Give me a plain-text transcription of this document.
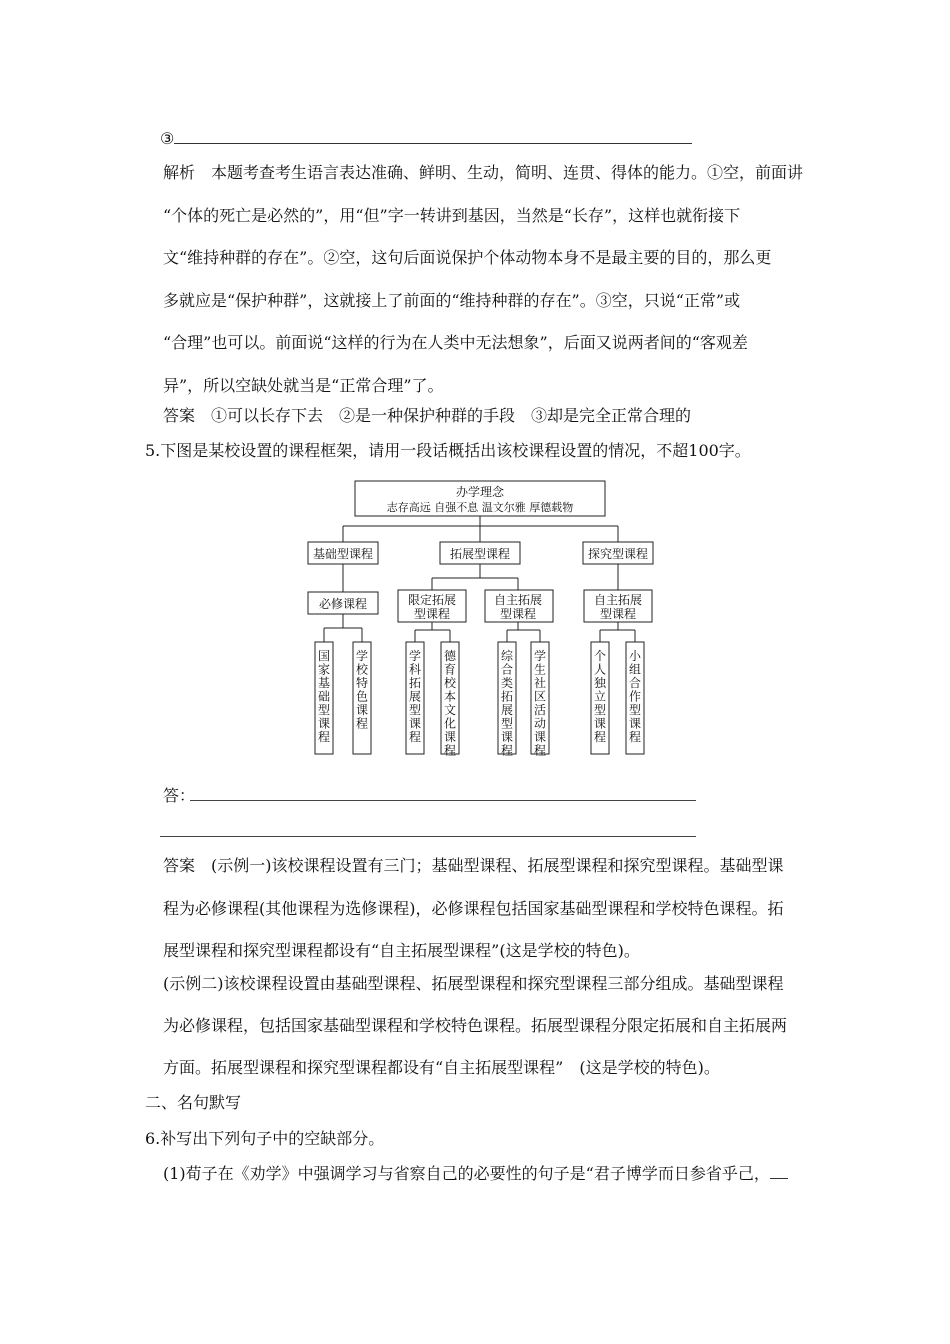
③
解析　本题考查考生语言表达准确、鲜明、生动，简明、连贯、得体的能力。①空，前面讲
“个体的死亡是必然的”，用“但”字一转讲到基因，当然是“长存”，这样也就衔接下
文“维持种群的存在”。②空，这句后面说保护个体动物本身不是最主要的目的，那么更
多就应是“保护种群”，这就接上了前面的“维持种群的存在”。③空，只说“正常”或
“合理”也可以。前面说“这样的行为在人类中无法想象”，后面又说两者间的“客观差
异”，所以空缺处就当是“正常合理”了。
答案　①可以长存下去　②是一种保护种群的手段　③却是完全正常合理的
5.下图是某校设置的课程框架，请用一段话概括出该校课程设置的情况，不超100字。
办学理念
志存高远 自强不息 温文尔雅 厚德载物
基础型课程	拓展型课程	探究型课程
必修课程	限定拓展
型课程
自主拓展
型课程
自主拓展
型课程
国家基础型课程
学校特色课程
学科拓展型课程
德育校本文化课程
综合类拓展型课程
学生社区活动课程
个人独立型课程
小组合作型课程
答：
答案　(示例一)该校课程设置有三门；基础型课程、拓展型课程和探究型课程。基础型课
程为必修课程(其他课程为选修课程)，必修课程包括国家基础型课程和学校特色课程。拓
展型课程和探究型课程都设有“自主拓展型课程”(这是学校的特色)。
(示例二)该校课程设置由基础型课程、拓展型课程和探究型课程三部分组成。基础型课程
为必修课程，包括国家基础型课程和学校特色课程。拓展型课程分限定拓展和自主拓展两
方面。拓展型课程和探究型课程都设有“自主拓展型课程”　(这是学校的特色)。
二、名句默写
6.补写出下列句子中的空缺部分。
(1)荀子在《劝学》中强调学习与省察自己的必要性的句子是“君子博学而日参省乎己，
